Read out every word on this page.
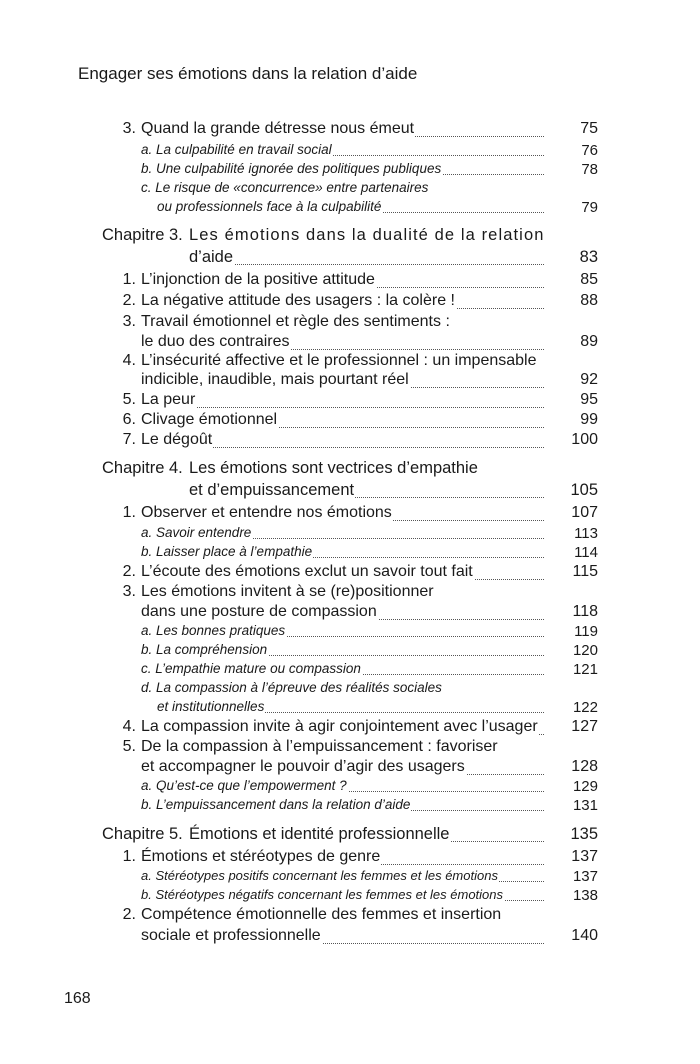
Engager ses émotions dans la relation d’aide
3. Quand la grande détresse nous émeut	75
a. La culpabilité en travail social	76
b. Une culpabilité ignorée des politiques publiques	78
c. Le risque de «concurrence» entre partenaires
ou professionnels face à la culpabilité	79
Chapitre 3. Les émotions dans la dualité de la relation
d’aide	83
1. L’injonction de la positive attitude	85
2. La négative attitude des usagers : la colère !	88
3. Travail émotionnel et règle des sentiments :
le duo des contraires	89
4. L’insécurité affective et le professionnel : un impensable
indicible, inaudible, mais pourtant réel	92
5. La peur	95
6. Clivage émotionnel	99
7. Le dégoût	100
Chapitre 4. Les émotions sont vectrices d’empathie
et d’empuissancement	105
1. Observer et entendre nos émotions	107
a. Savoir entendre	113
b. Laisser place à l’empathie	114
2. L’écoute des émotions exclut un savoir tout fait	115
3. Les émotions invitent à se (re)positionner
dans une posture de compassion	118
a. Les bonnes pratiques	119
b. La compréhension	120
c. L’empathie mature ou compassion	121
d. La compassion à l’épreuve des réalités sociales
et institutionnelles	122
4. La compassion invite à agir conjointement avec l’usager 127
5. De la compassion à l’empuissancement : favoriser
et accompagner le pouvoir d’agir des usagers	128
a. Qu’est-ce que l’empowerment ?	129
b. L’empuissancement dans la relation d’aide	131
Chapitre 5. Émotions et identité professionnelle	135
1. Émotions et stéréotypes de genre	137
a. Stéréotypes positifs concernant les femmes et les émotions	137
b. Stéréotypes négatifs concernant les femmes et les émotions	138
2. Compétence émotionnelle des femmes et insertion
sociale et professionnelle	140
168
